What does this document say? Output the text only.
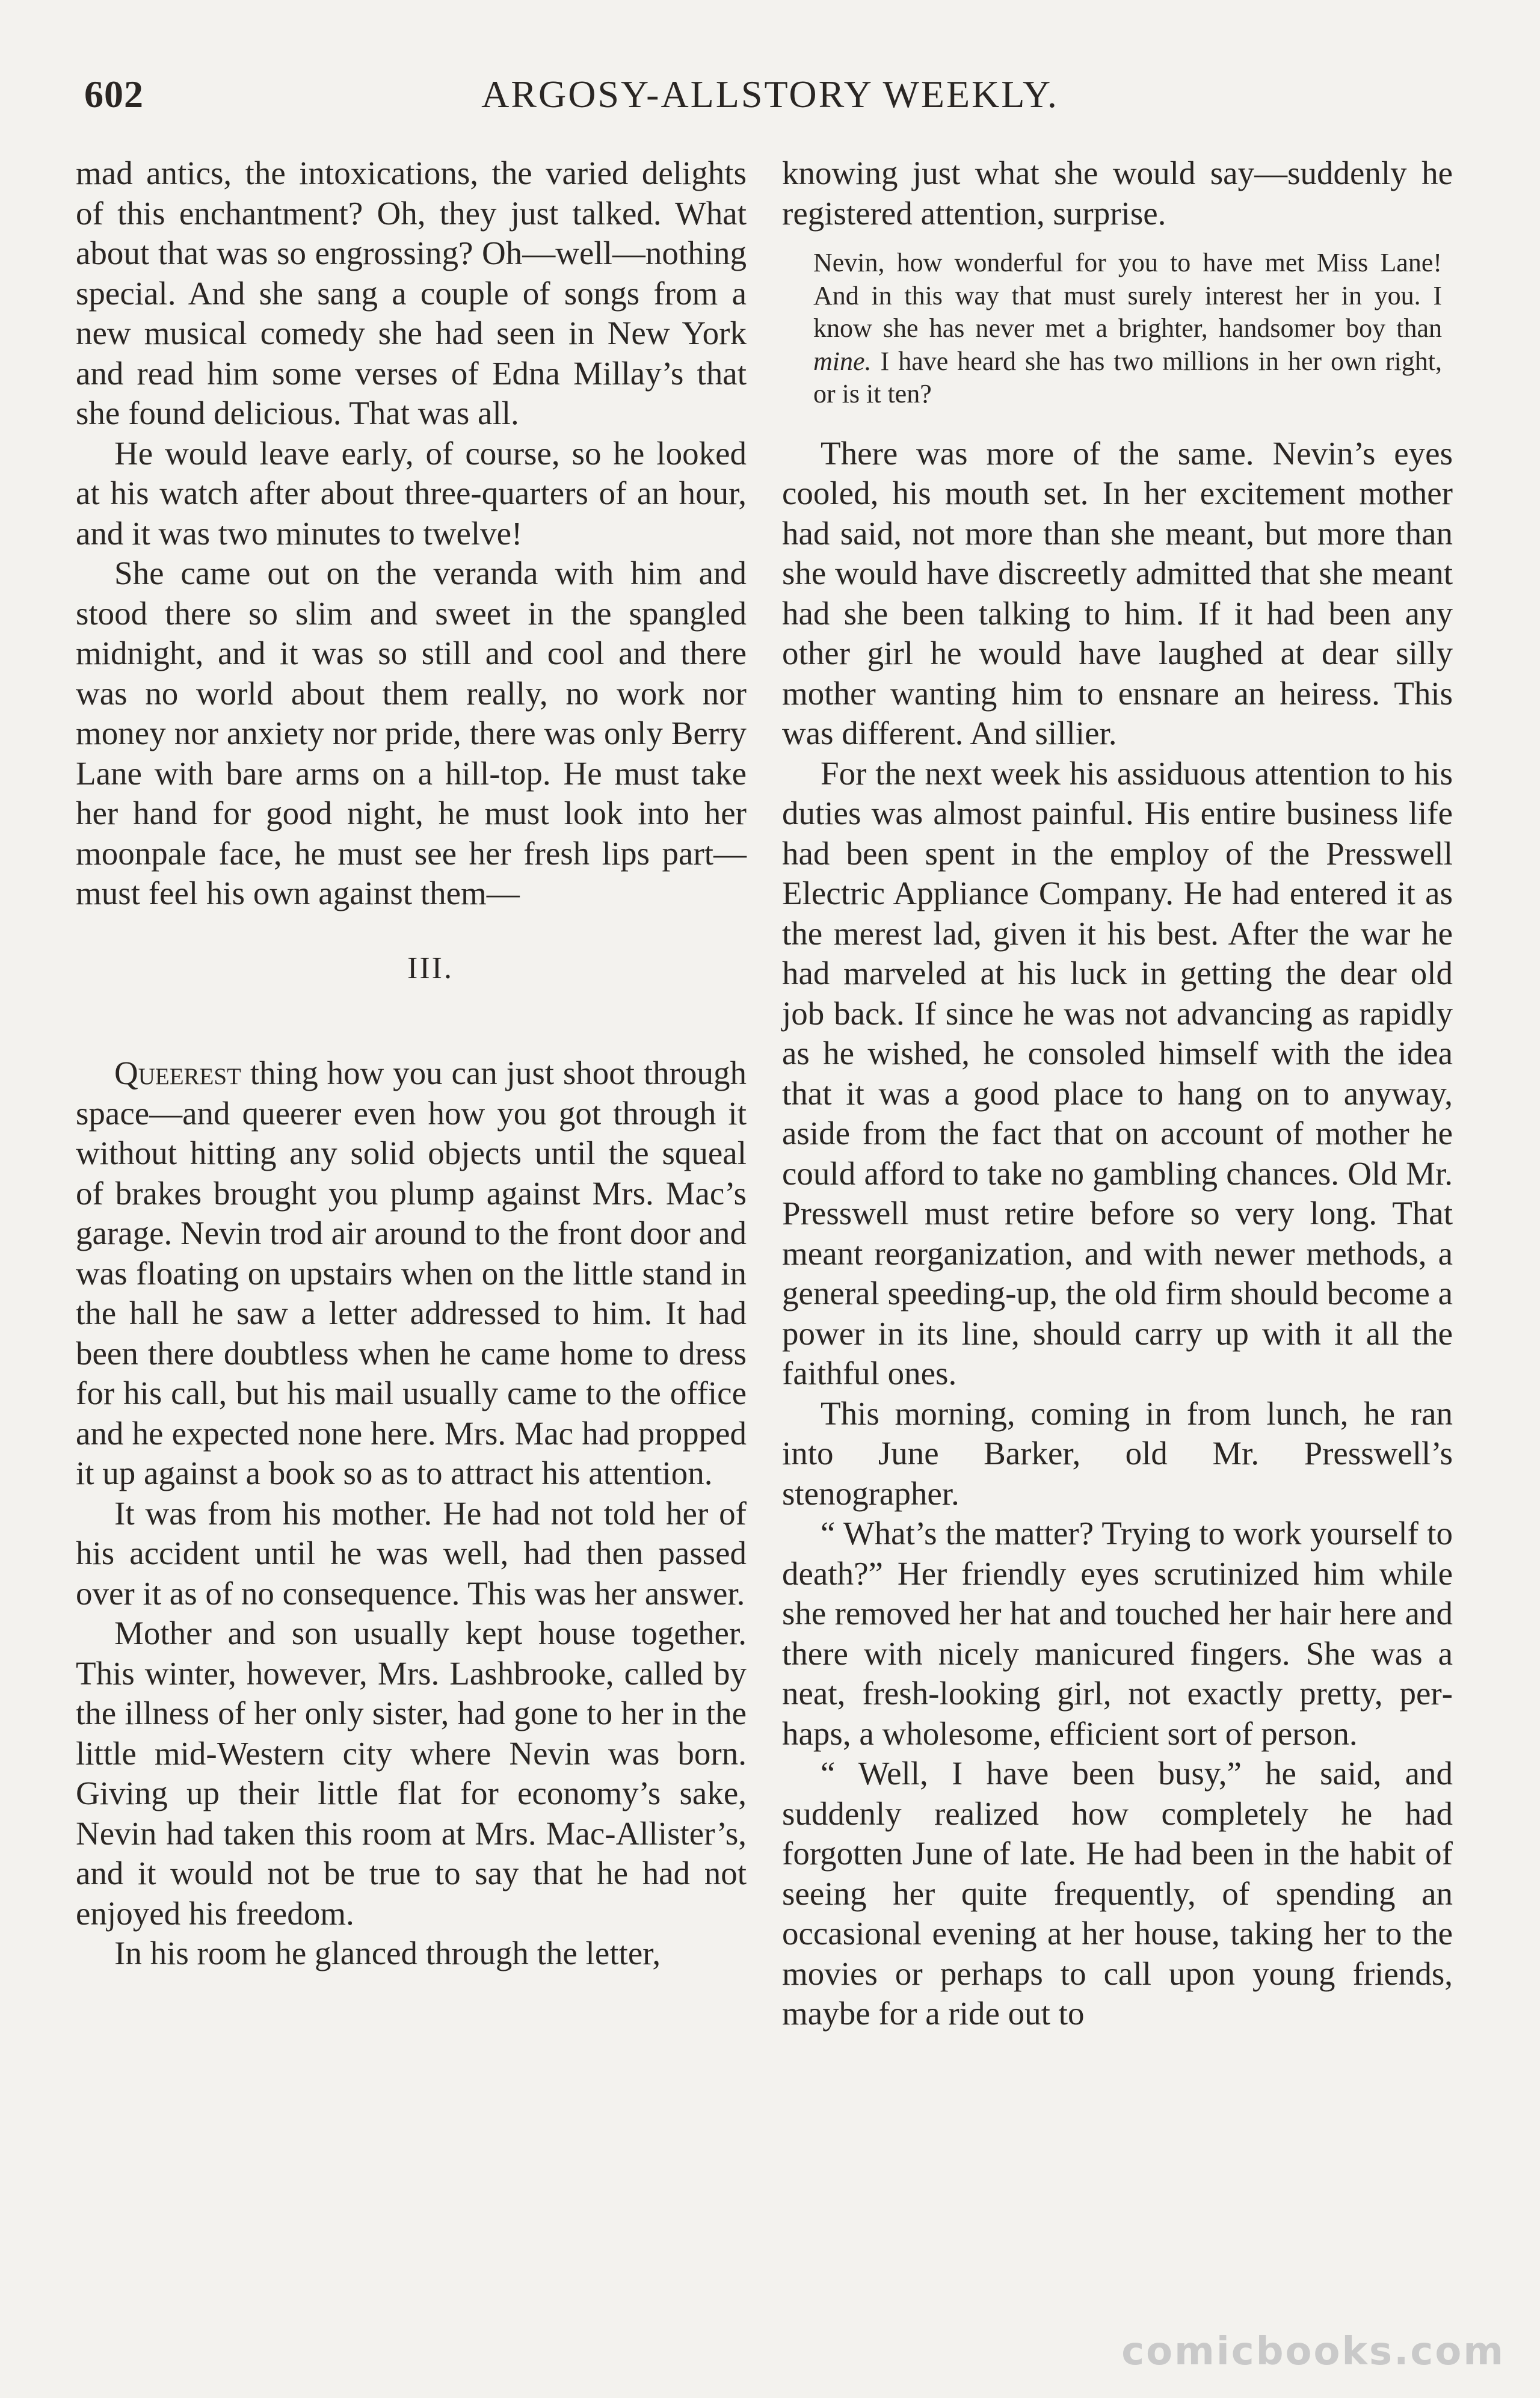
602	ARGOSY-ALLSTORY WEEKLY.

mad antics, the intoxications, the varied delights of this enchantment? Oh, they just talked. What about that was so engrossing? Oh—well—nothing special. And she sang a couple of songs from a new musical comedy she had seen in New York and read him some verses of Edna Millay’s that she found delicious. That was all.

He would leave early, of course, so he looked at his watch after about three-quarters of an hour, and it was two minutes to twelve!

She came out on the veranda with him and stood there so slim and sweet in the spangled midnight, and it was so still and cool and there was no world about them really, no work nor money nor anxiety nor pride, there was only Berry Lane with bare arms on a hill-top. He must take her hand for good night, he must look into her moonpale face, he must see her fresh lips part—must feel his own against them—

III.

Queerest thing how you can just shoot through space—and queerer even how you got through it without hitting any solid objects until the squeal of brakes brought you plump against Mrs. Mac’s garage. Nevin trod air around to the front door and was floating on upstairs when on the little stand in the hall he saw a letter addressed to him. It had been there doubtless when he came home to dress for his call, but his mail usually came to the office and he expected none here. Mrs. Mac had propped it up against a book so as to attract his attention.

It was from his mother. He had not told her of his accident until he was well, had then passed over it as of no consequence. This was her answer.

Mother and son usually kept house together. This winter, however, Mrs. Lashbrooke, called by the illness of her only sister, had gone to her in the little mid-Western city where Nevin was born. Giving up their little flat for economy’s sake, Nevin had taken this room at Mrs. Mac-Allister’s, and it would not be true to say that he had not enjoyed his freedom.

In his room he glanced through the letter,

knowing just what she would say—suddenly he registered attention, surprise.

Nevin, how wonderful for you to have met Miss Lane! And in this way that must surely interest her in you. I know she has never met a brighter, handsomer boy than mine. I have heard she has two millions in her own right, or is it ten?

There was more of the same. Nevin’s eyes cooled, his mouth set. In her excitement mother had said, not more than she meant, but more than she would have discreetly admitted that she meant had she been talking to him. If it had been any other girl he would have laughed at dear silly mother wanting him to ensnare an heiress. This was different. And sillier.

For the next week his assiduous attention to his duties was almost painful. His entire business life had been spent in the employ of the Presswell Electric Appliance Company. He had entered it as the merest lad, given it his best. After the war he had marveled at his luck in getting the dear old job back. If since he was not advancing as rapidly as he wished, he consoled himself with the idea that it was a good place to hang on to anyway, aside from the fact that on account of mother he could afford to take no gambling chances. Old Mr. Presswell must retire before so very long. That meant reorganization, and with newer methods, a general speeding-up, the old firm should become a power in its line, should carry up with it all the faithful ones.

This morning, coming in from lunch, he ran into June Barker, old Mr. Presswell’s stenographer.

“ What’s the matter? Trying to work yourself to death?” Her friendly eyes scrutinized him while she removed her hat and touched her hair here and there with nicely manicured fingers. She was a neat, fresh-looking girl, not exactly pretty, perhaps, a wholesome, efficient sort of person.

“ Well, I have been busy,” he said, and suddenly realized how completely he had forgotten June of late. He had been in the habit of seeing her quite frequently, of spending an occasional evening at her house, taking her to the movies or perhaps to call upon young friends, maybe for a ride out to

comicbooks.com
